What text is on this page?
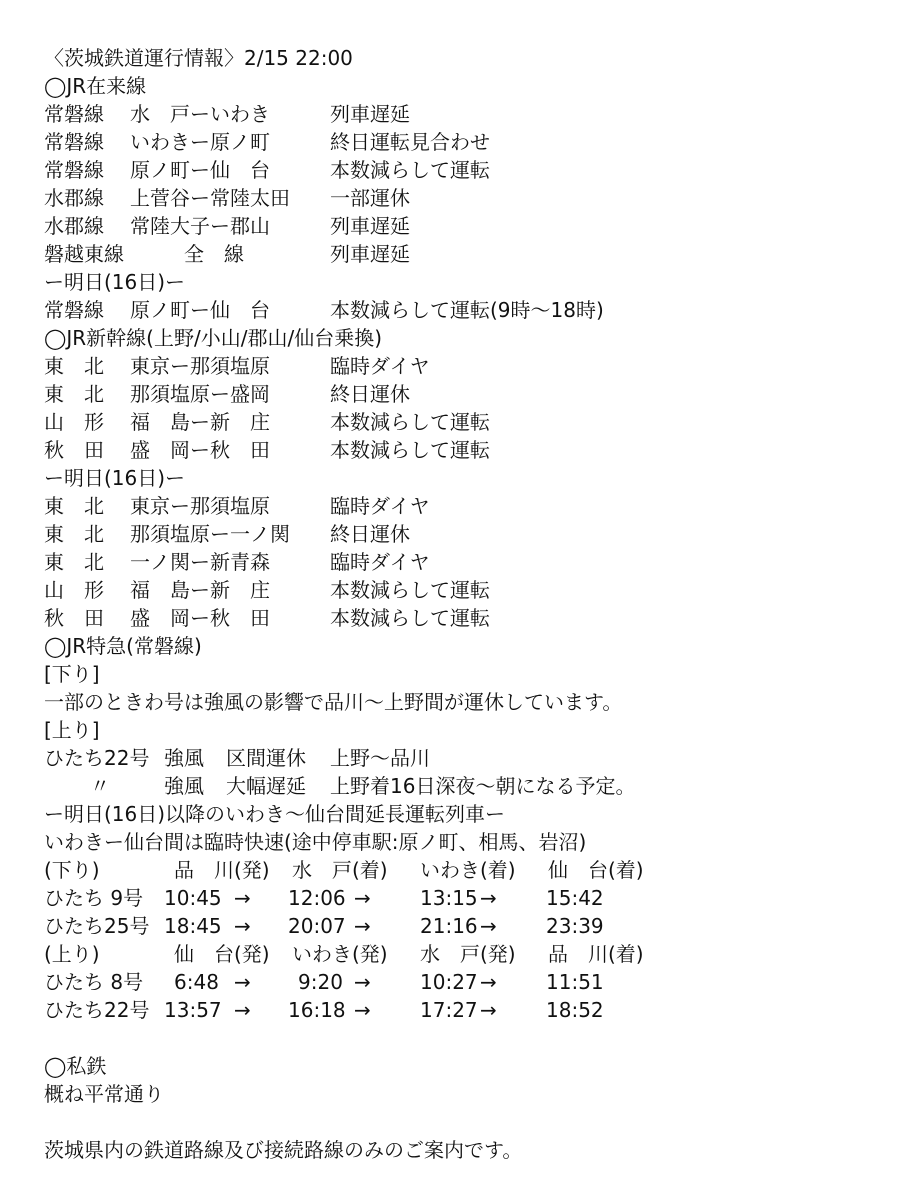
〈茨城鉄道運行情報〉2/15 22:00
◯JR在来線
常磐線 水　戸ーいわき	列車遅延
常磐線 いわきー原ノ町	終日運転見合わせ
常磐線 原ノ町ー仙　台	本数減らして運転
水郡線 上菅谷ー常陸太田 一部運休
水郡線 常陸大子ー郡山	列車遅延
磐越東線	全　線	列車遅延
ー明日(16日)ー
常磐線 原ノ町ー仙　台	本数減らして運転(9時〜18時)
◯JR新幹線(上野/小山/郡山/仙台乗換)
東　北 東京ー那須塩原	臨時ダイヤ
東　北 那須塩原ー盛岡	終日運休
山　形 福　島ー新　庄	本数減らして運転
秋　田 盛　岡ー秋　田	本数減らして運転
ー明日(16日)ー
東　北 東京ー那須塩原	臨時ダイヤ
東　北 那須塩原ー一ノ関 終日運休
東　北 一ノ関ー新青森	臨時ダイヤ
山　形 福　島ー新　庄	本数減らして運転
秋　田 盛　岡ー秋　田	本数減らして運転
◯JR特急(常磐線)
[下り]
一部のときわ号は強風の影響で品川〜上野間が運休しています。
[上り]
ひたち22号 強風 区間運休 上野〜品川
〃	強風 大幅遅延 上野着16日深夜〜朝になる予定。
ー明日(16日)以降のいわき〜仙台間延長運転列車ー
いわきー仙台間は臨時快速(途中停車駅:原ノ町、相馬、岩沼)
(下り)	品　川(発) 水　戸(着) いわき(着) 仙　台(着)
ひたち 9号 10:45 → 12:06 → 13:15 → 15:42
ひたち25号 18:45 → 20:07 → 21:16 → 23:39
(上り)	仙　台(発) いわき(発) 水　戸(発) 品　川(着)
ひたち 8号 6:48 → 9:20 → 10:27 → 11:51
ひたち22号 13:57 → 16:18 → 17:27 → 18:52
◯私鉄
概ね平常通り
茨城県内の鉄道路線及び接続路線のみのご案内です。
